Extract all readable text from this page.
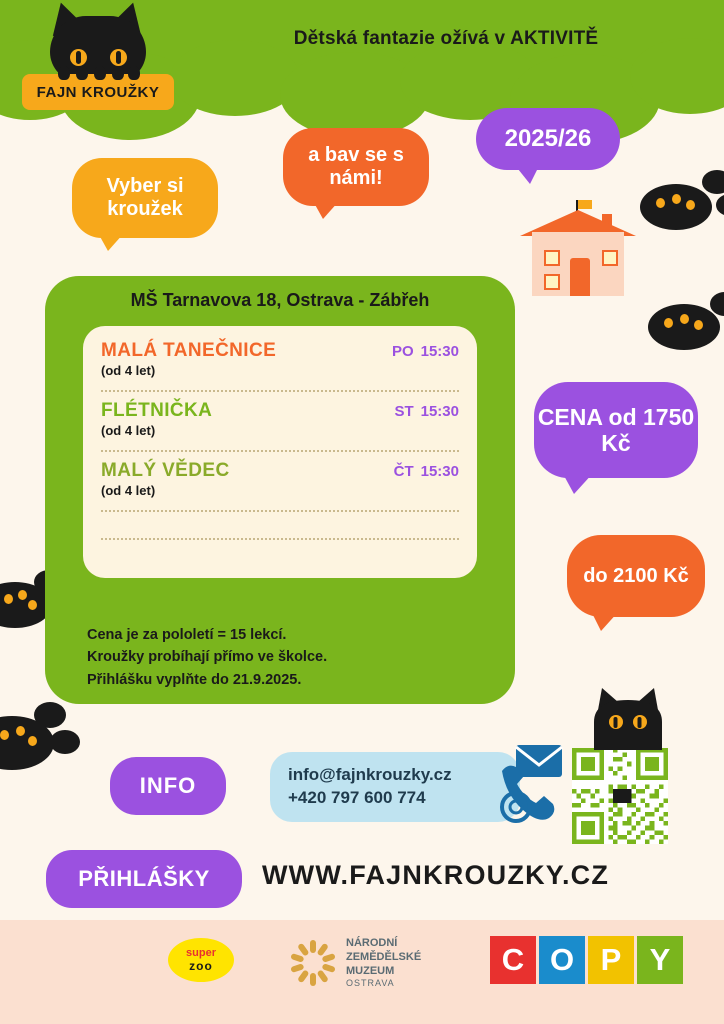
FAJN KROUŽKY
Dětská fantazie ožívá v AKTIVITĚ
2025/26
Vyber si kroužek
a bav se s námi!
CENA od 1750 Kč
do 2100 Kč
MŠ Tarnavova 18, Ostrava - Zábřeh
MALÁ TANEČNICE	PO 15:30
(od 4 let)
FLÉTNIČKA	ST 15:30
(od 4 let)
MALÝ VĚDEC	ČT 15:30
(od 4 let)
Cena je za pololetí = 15 lekcí.
Kroužky probíhají přímo ve školce.
Přihlášku vyplňte do 21.9.2025.
INFO
PŘIHLÁŠKY
info@fajnkrouzky.cz
+420 797 600 774
WWW.FAJNKROUZKY.CZ
super
zoo
NÁRODNÍ
ZEMĚDĚLSKÉ
MUZEUM
OSTRAVA
C O P Y
